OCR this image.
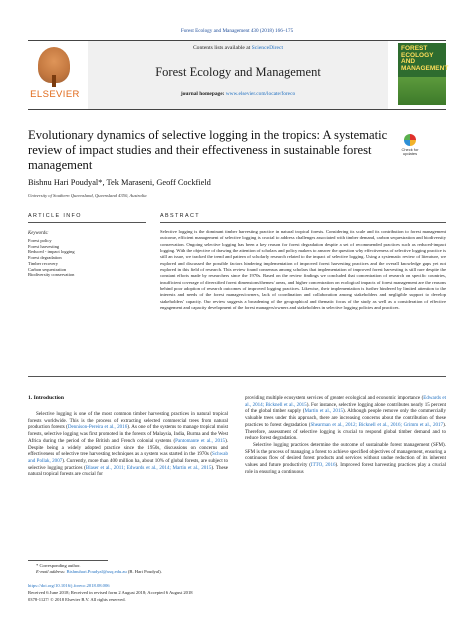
Forest Ecology and Management 430 (2018) 166–175
ELSEVIER
Contents lists available at ScienceDirect
Forest Ecology and Management
journal homepage: www.elsevier.com/locate/foreco
FOREST ECOLOGY AND MANAGEMENT
Check for updates
Evolutionary dynamics of selective logging in the tropics: A systematic review of impact studies and their effectiveness in sustainable forest management
Bishnu Hari Poudyal*, Tek Maraseni, Geoff Cockfield
University of Southern Queensland, Queensland 4350, Australia
ARTICLE INFO	ABSTRACT
Keywords:
Forest policy
Forest harvesting
Reduced - impact logging
Forest degradation
Timber recovery
Carbon sequestration
Biodiversity conservation
Selective logging is the dominant timber harvesting practice in natural tropical forests. Considering its scale and its contribution to forest management outcome, efficient management of selective logging is crucial to address challenges associated with timber demand, carbon sequestration and biodiversity conservation. Ongoing selective logging has been a key reason for forest degradation despite a set of recommended practices such as reduced-impact logging. With the objective of drawing the attention of scholars and policy makers to answer the question why effectiveness of selective logging practice is still an issue, we tracked the trend and pattern of scholarly research related to the impact of selective logging. Using a systematic review of literature, we explored and discussed the possible factors hindering implementation of improved forest harvesting practices and the overall knowledge gaps yet not explored in this field of research. This review found consensus among scholars that implementation of improved forest harvesting is still rare despite the constant efforts made by researchers since the 1970s. Based on the review findings we concluded that concentration of research on specific countries, insufficient coverage of diversified forest dimensions/themes/ areas, and higher concentration on ecological impacts of forest management are the reasons behind poor adoption of research outcomes of improved logging practices. Likewise, their implementation is further hindered by limited attention to the interests and needs of the forest managers/owners, lack of coordination and collaboration among stakeholders and negligible support to develop stakeholders' capacity. Our review suggests a broadening of the geographical and thematic focus of the study as well as a consideration of effective engagement and capacity development of the forest managers/owners and stakeholders in selective logging policies and practices.
1. Introduction
Selective logging is one of the most common timber harvesting practices in natural tropical forests worldwide. This is the process of extracting selected commercial trees from natural production forests (Dennison-Pereira et al., 2016). As one of the systems to manage tropical moist forests, selective logging was first promoted in the forests of Malaysia, India, Burma and the West Africa during the period of the British and French colonial systems (Pantomante et al., 2015). Despite being a widely adopted practice since the 1950s, discussions on concerns and effectiveness of selective tree harvesting techniques as a system was started in the 1970s (Schwab and Pollak, 2007). Currently, more than 400 million ha, about 10% of global forests, are subject to selective logging practices (Blaser et al., 2011; Edwards et al., 2014; Martin et al., 2015). These natural tropical forests are crucial for
providing multiple ecosystem services of greater ecological and economic importance (Edwards et al., 2014; Bicknell et al., 2015). For instance, selective logging alone contributes nearly 15 percent of the global timber supply (Martin et al., 2015). Although people remove only the commercially valuable trees under this approach, there are increasing concerns about the contribution of these practices to forest degradation (Shearman et al., 2012; Bicknell et al., 2016; Grimm et al., 2017). Therefore, assessment of selective logging is crucial to respond global timber demand and to reduce forest degradation.
Selective logging practices determine the outcome of sustainable forest management (SFM). SFM is the process of managing a forest to achieve specified objectives of management, ensuring a continuous flow of desired forest products and services without undue reduction of its inherent values and future productivity (ITTO, 2016). Improved forest harvesting practices play a crucial role in ensuring a continuous
* Corresponding author.
E-mail address: Bishnuhari.Poudyal@usq.edu.au (B. Hari Poudyal).
https://doi.org/10.1016/j.foreco.2018.08.006
Received 6 June 2018; Received in revised form 2 August 2018; Accepted 6 August 2018
0378-1127/ © 2018 Elsevier B.V. All rights reserved.
